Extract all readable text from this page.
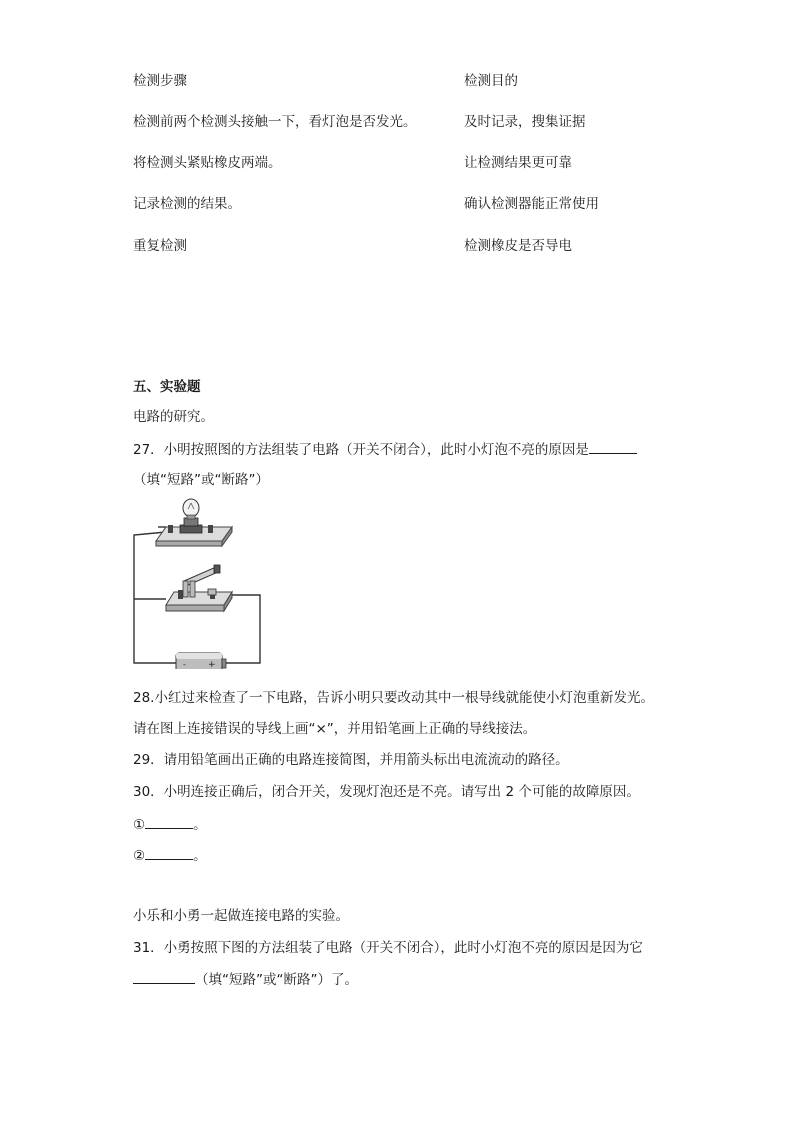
检测步骤	检测目的
检测前两个检测头接触一下，看灯泡是否发光。	及时记录，搜集证据
将检测头紧贴橡皮两端。	让检测结果更可靠
记录检测的结果。	确认检测器能正常使用
重复检测	检测橡皮是否导电
五、实验题
电路的研究。
27．小明按照图的方法组装了电路（开关不闭合），此时小灯泡不亮的原因是
（填“短路”或“断路”）
- +
28.小红过来检查了一下电路，告诉小明只要改动其中一根导线就能使小灯泡重新发光。
请在图上连接错误的导线上画“×”，并用铅笔画上正确的导线接法。
29．请用铅笔画出正确的电路连接简图，并用箭头标出电流流动的路径。
30．小明连接正确后，闭合开关，发现灯泡还是不亮。请写出 2 个可能的故障原因。
①	。
②	。
小乐和小勇一起做连接电路的实验。
31．小勇按照下图的方法组装了电路（开关不闭合），此时小灯泡不亮的原因是因为它
（填“短路”或“断路”）了。
